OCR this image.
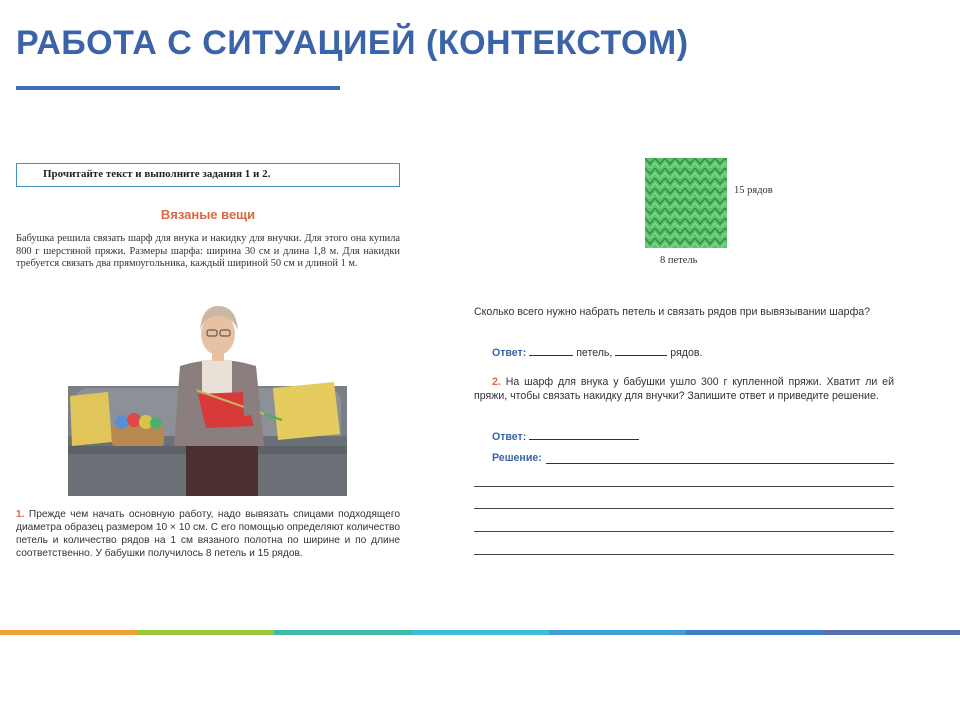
РАБОТА С СИТУАЦИЕЙ (КОНТЕКСТОМ)
Прочитайте текст и выполните задания 1 и 2.
Вязаные вещи
Бабушка решила связать шарф для внука и накидку для внучки. Для этого она купила 800 г шерстяной пряжи. Размеры шарфа: ширина 30 см и длина 1,8 м. Для накидки требуется связать два прямоугольника, каждый шириной 50 см и длиной 1 м.
1. Прежде чем начать основную работу, надо вывязать спицами подходящего диаметра образец размером 10 × 10 см. С его помощью определяют количество петель и количество рядов на 1 см вязаного полотна по ширине и по длине соответственно. У бабушки получилось 8 петель и 15 рядов.
15 рядов
8 петель
Сколько всего нужно набрать петель и связать рядов при вывязывании шарфа?
Ответ:	петель,	рядов.
2. На шарф для внука у бабушки ушло 300 г купленной пряжи. Хватит ли ей пряжи, чтобы связать накидку для внучки? Запишите ответ и приведите решение.
Ответ:
Решение:
